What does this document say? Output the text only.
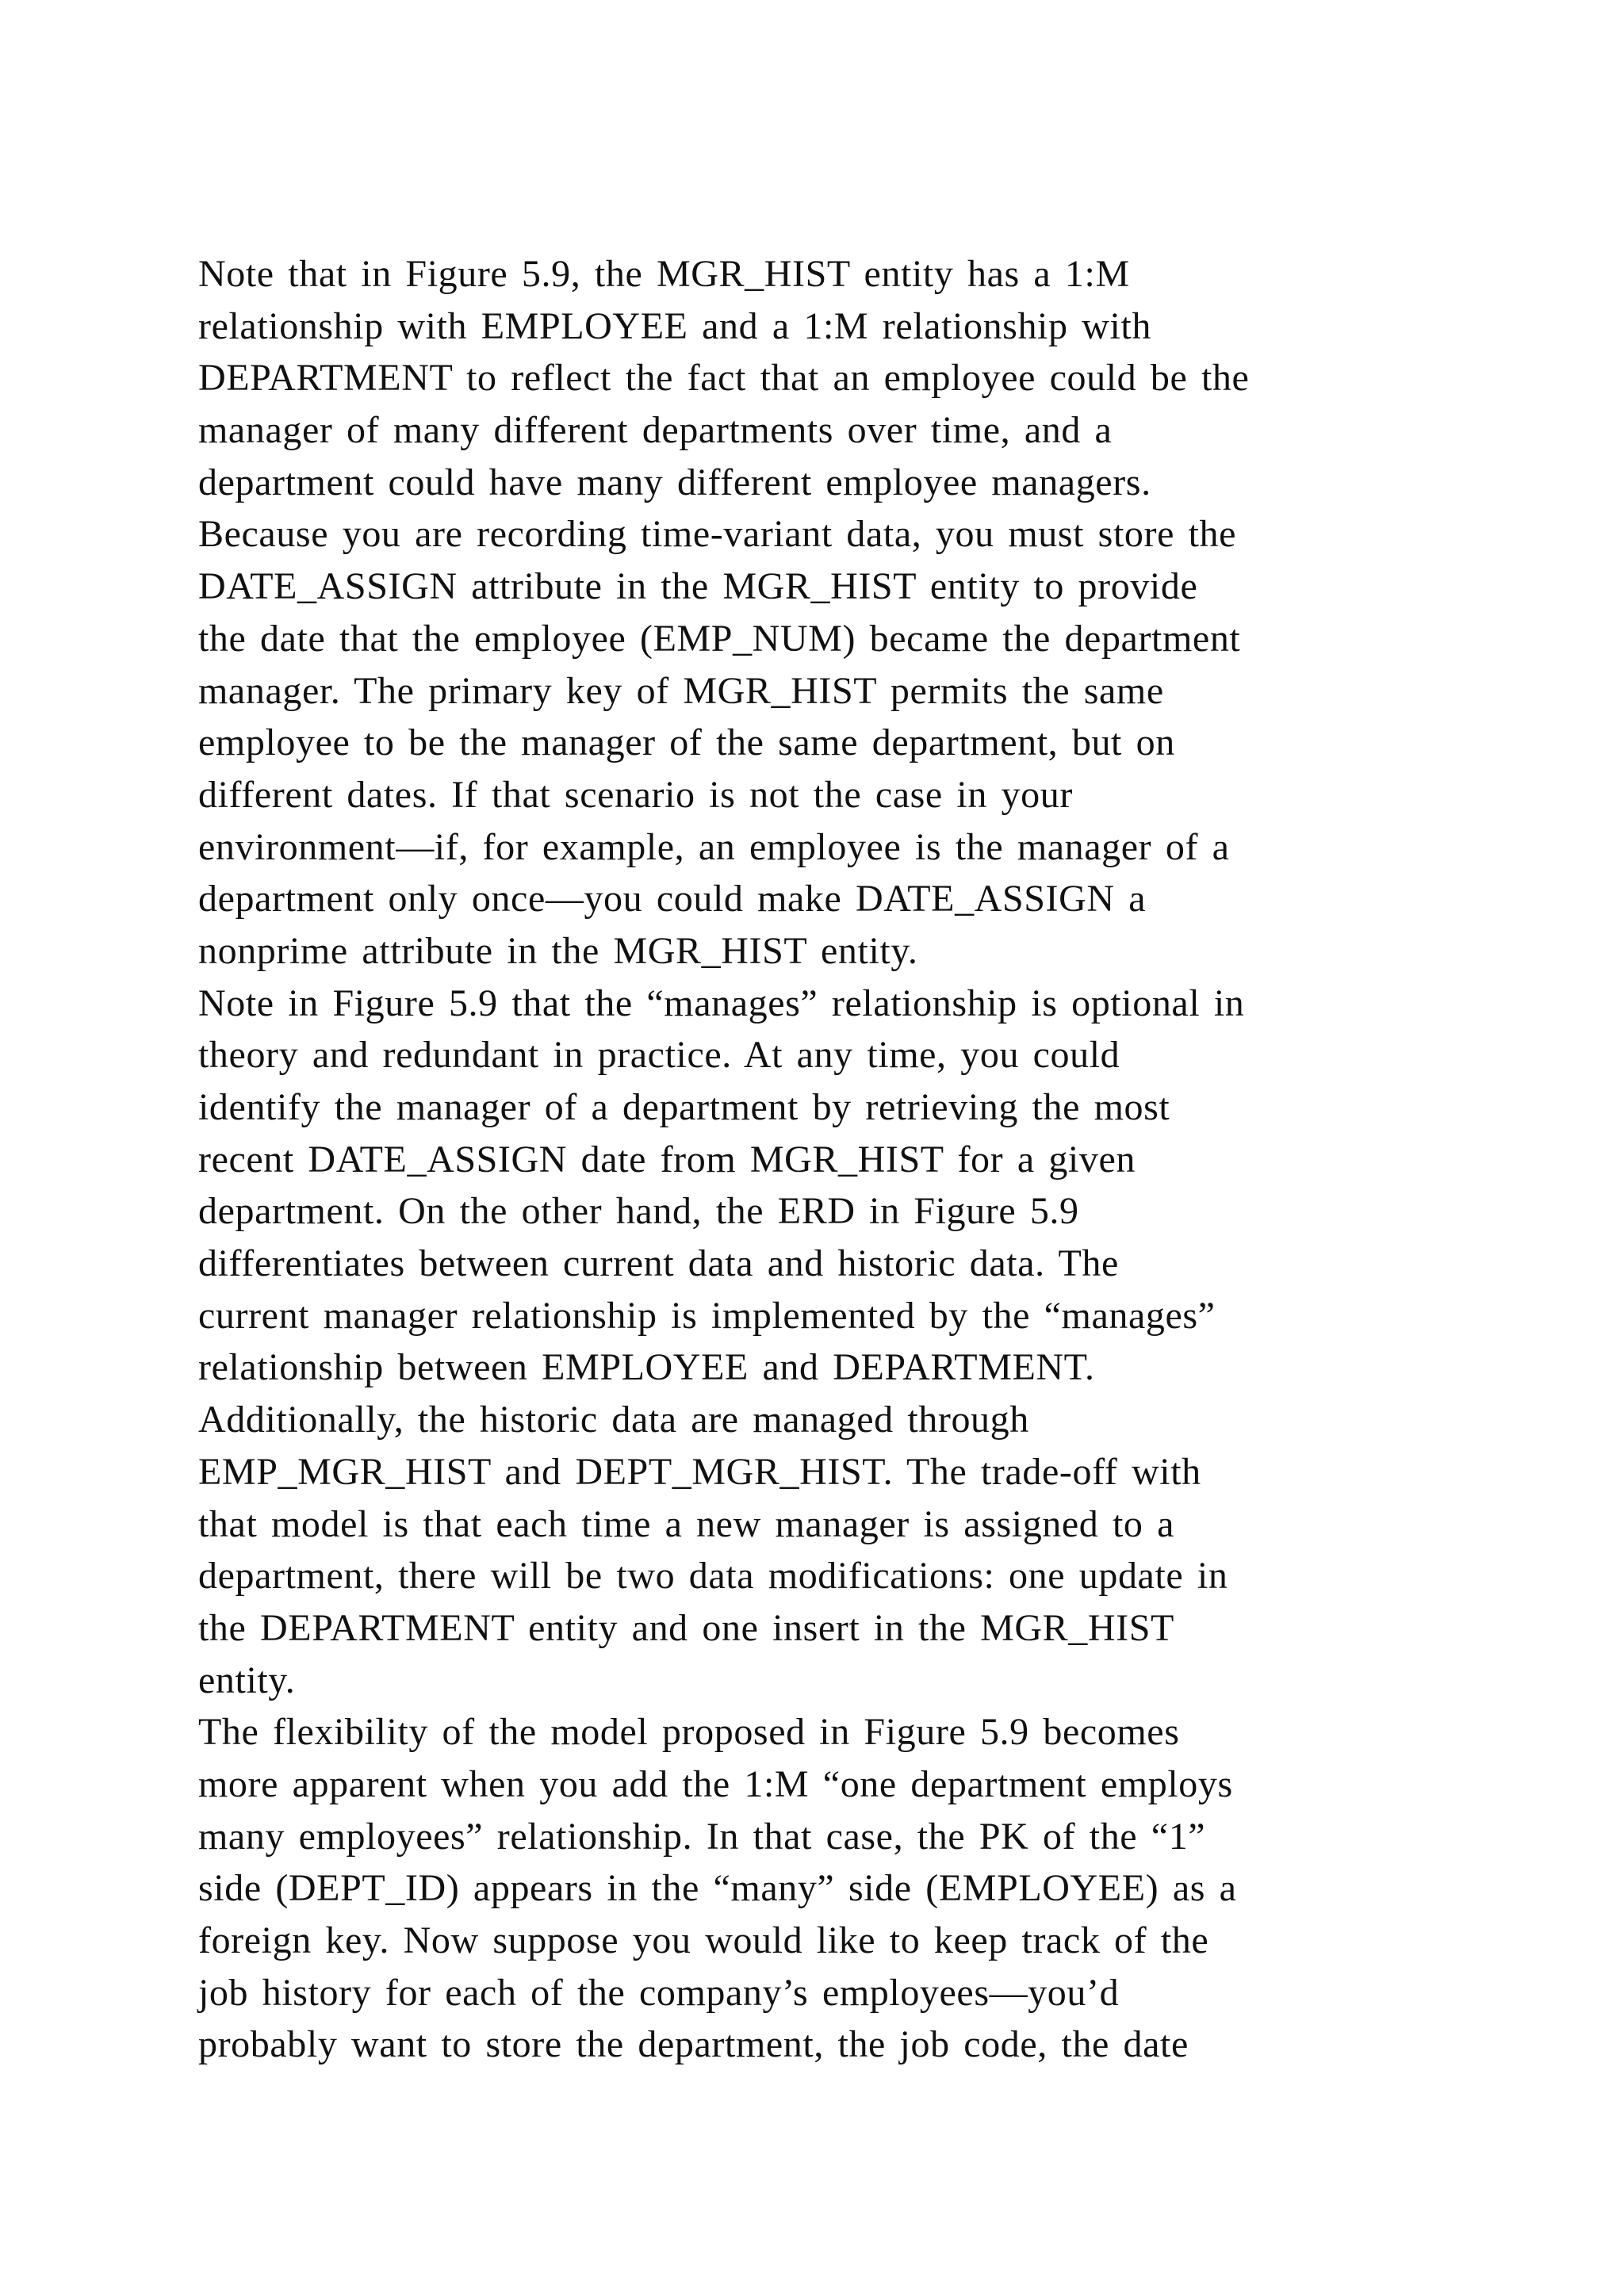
Note that in Figure 5.9, the MGR_HIST entity has a 1:M
relationship with EMPLOYEE and a 1:M relationship with
DEPARTMENT to reflect the fact that an employee could be the
manager of many different departments over time, and a
department could have many different employee managers.
Because you are recording time-variant data, you must store the
DATE_ASSIGN attribute in the MGR_HIST entity to provide
the date that the employee (EMP_NUM) became the department
manager. The primary key of MGR_HIST permits the same
employee to be the manager of the same department, but on
different dates. If that scenario is not the case in your
environment—if, for example, an employee is the manager of a
department only once—you could make DATE_ASSIGN a
nonprime attribute in the MGR_HIST entity.
Note in Figure 5.9 that the “manages” relationship is optional in
theory and redundant in practice. At any time, you could
identify the manager of a department by retrieving the most
recent DATE_ASSIGN date from MGR_HIST for a given
department. On the other hand, the ERD in Figure 5.9
differentiates between current data and historic data. The
current manager relationship is implemented by the “manages”
relationship between EMPLOYEE and DEPARTMENT.
Additionally, the historic data are managed through
EMP_MGR_HIST and DEPT_MGR_HIST. The trade-off with
that model is that each time a new manager is assigned to a
department, there will be two data modifications: one update in
the DEPARTMENT entity and one insert in the MGR_HIST
entity.
The flexibility of the model proposed in Figure 5.9 becomes
more apparent when you add the 1:M “one department employs
many employees” relationship. In that case, the PK of the “1”
side (DEPT_ID) appears in the “many” side (EMPLOYEE) as a
foreign key. Now suppose you would like to keep track of the
job history for each of the company’s employees—you’d
probably want to store the department, the job code, the date
